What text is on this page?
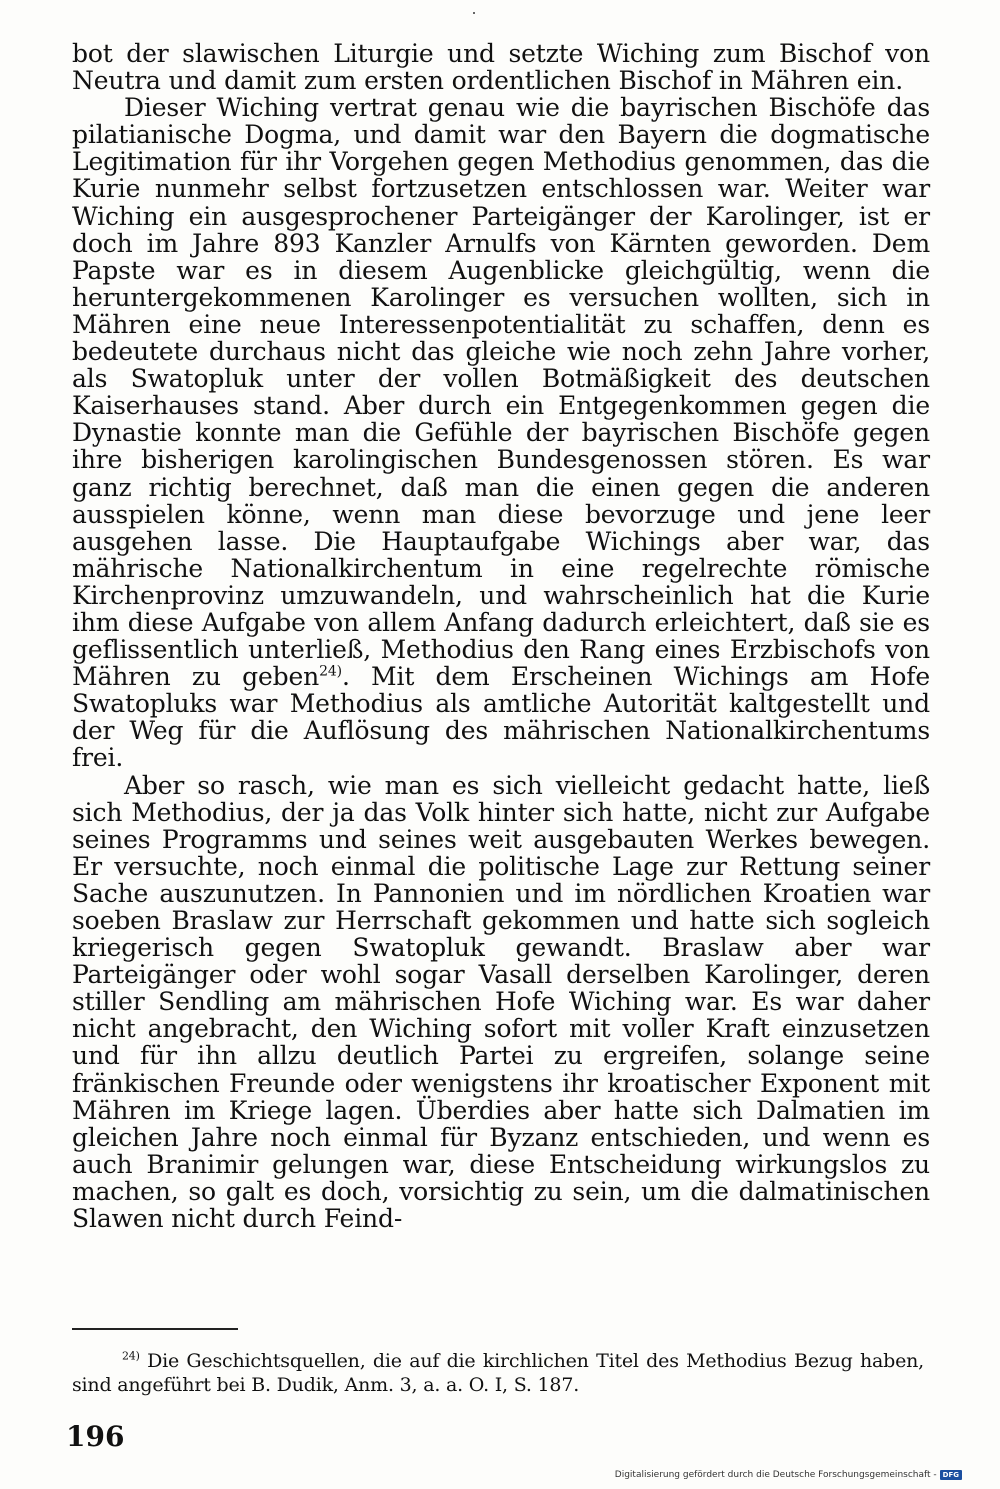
bot der slawischen Liturgie und setzte Wiching zum Bischof von Neutra und damit zum ersten ordentlichen Bischof in Mähren ein.

Dieser Wiching vertrat genau wie die bayrischen Bischöfe das pilatianische Dogma, und damit war den Bayern die dogmatische Legitimation für ihr Vorgehen gegen Methodius genommen, das die Kurie nunmehr selbst fortzusetzen entschlossen war. Weiter war Wiching ein ausgesprochener Parteigänger der Karolinger, ist er doch im Jahre 893 Kanzler Arnulfs von Kärnten geworden. Dem Papste war es in diesem Augenblicke gleichgültig, wenn die heruntergekommenen Karolinger es versuchen wollten, sich in Mähren eine neue Interessenpotentialität zu schaffen, denn es bedeutete durchaus nicht das gleiche wie noch zehn Jahre vorher, als Swatopluk unter der vollen Botmäßigkeit des deutschen Kaiserhauses stand. Aber durch ein Entgegenkommen gegen die Dynastie konnte man die Gefühle der bayrischen Bischöfe gegen ihre bisherigen karolingischen Bundesgenossen stören. Es war ganz richtig berechnet, daß man die einen gegen die anderen ausspielen könne, wenn man diese bevorzuge und jene leer ausgehen lasse. Die Hauptaufgabe Wichings aber war, das mährische Nationalkirchentum in eine regelrechte römische Kirchenprovinz umzuwandeln, und wahrscheinlich hat die Kurie ihm diese Aufgabe von allem Anfang dadurch erleichtert, daß sie es geflissentlich unterließ, Methodius den Rang eines Erzbischofs von Mähren zu geben$^{24)}$. Mit dem Erscheinen Wichings am Hofe Swatopluks war Methodius als amtliche Autorität kaltgestellt und der Weg für die Auflösung des mährischen Nationalkirchentums frei.

Aber so rasch, wie man es sich vielleicht gedacht hatte, ließ sich Methodius, der ja das Volk hinter sich hatte, nicht zur Aufgabe seines Programms und seines weit ausgebauten Werkes bewegen. Er versuchte, noch einmal die politische Lage zur Rettung seiner Sache auszunutzen. In Pannonien und im nördlichen Kroatien war soeben Braslaw zur Herrschaft gekommen und hatte sich sogleich kriegerisch gegen Swatopluk gewandt. Braslaw aber war Parteigänger oder wohl sogar Vasall derselben Karolinger, deren stiller Sendling am mährischen Hofe Wiching war. Es war daher nicht angebracht, den Wiching sofort mit voller Kraft einzusetzen und für ihn allzu deutlich Partei zu ergreifen, solange seine fränkischen Freunde oder wenigstens ihr kroatischer Exponent mit Mähren im Kriege lagen. Überdies aber hatte sich Dalmatien im gleichen Jahre noch einmal für Byzanz entschieden, und wenn es auch Branimir gelungen war, diese Entscheidung wirkungslos zu machen, so galt es doch, vorsichtig zu sein, um die dalmatinischen Slawen nicht durch Feind-

$^{24)}$ Die Geschichtsquellen, die auf die kirchlichen Titel des Methodius Bezug haben, sind angeführt bei B. Dudik, Anm. 3, a. a. O. I, S. 187.
196
Digitalisierung gefördert durch die Deutsche Forschungsgemeinschaft - DFG
